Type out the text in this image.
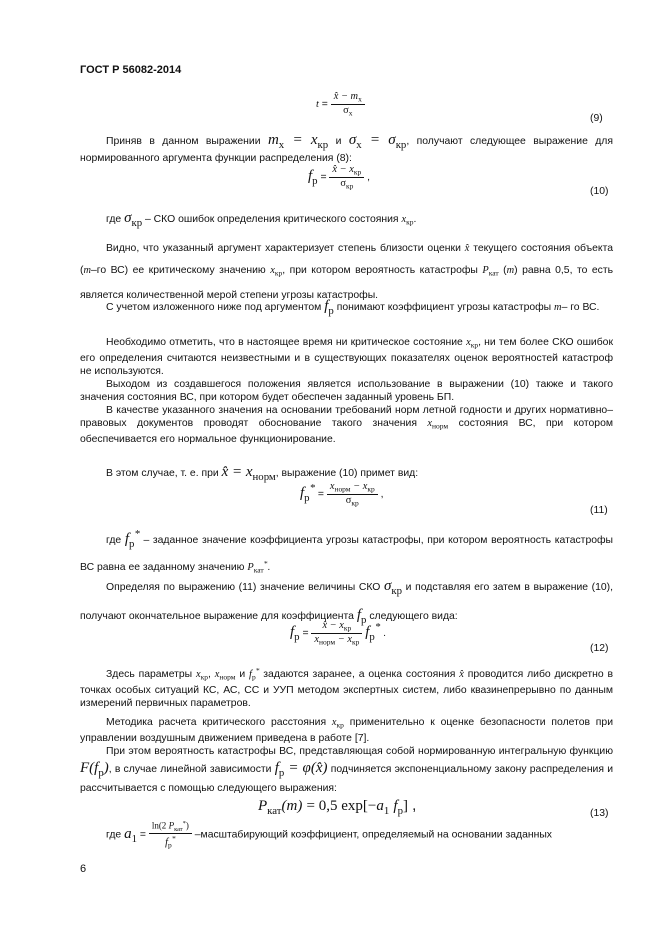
ГОСТ Р 56082-2014
$t = \frac{x̂ - m_x}{\sigma_x}$
(9)

Приняв в данном выражении $m_x = x_{кр}$ и $\sigma_x = \sigma_{кр}$, получают следующее выражение для нормированного аргумента функции распределения (8):

$f_p = \frac{x̂ - x_{кр}}{\sigma_{кр}}$ ,
(10)

где $\sigma_{кр}$ – СКО ошибок определения критического состояния $x_{кр}$.

Видно, что указанный аргумент характеризует степень близости оценки x̂ текущего состояния объекта (m–го ВС) ее критическому значению $x_{кр}$, при котором вероятность катастрофы $P_{кат}$ (m) равна 0,5, то есть является количественной мерой степени угрозы катастрофы.

С учетом изложенного ниже под аргументом $f_p$ понимают коэффициент угрозы катастрофы m– го ВС.

Необходимо отметить, что в настоящее время ни критическое состояние $x_{кр}$, ни тем более СКО ошибок его определения считаются неизвестными и в существующих показателях оценок вероятностей катастроф не используются.

Выходом из создавшегося положения является использование в выражении (10) также и такого значения состояния ВС, при котором будет обеспечен заданный уровень БП.

В качестве указанного значения на основании требований норм летной годности и других нормативно–правовых документов проводят обоснование такого значения $x_{норм}$ состояния ВС, при котором обеспечивается его нормальное функционирование.

В этом случае, т. е. при x̂ = $x_{норм}$, выражение (10) примет вид:

$f_p^* = \frac{x_{норм} - x_{кр}}{\sigma_{кр}}$ ,
(11)

где $f_p^*$ – заданное значение коэффициента угрозы катастрофы, при котором вероятность катастрофы ВС равна ее заданному значению $P_{кат}^*$.

Определяя по выражению (11) значение величины СКО $\sigma_{кр}$ и подставляя его затем в выражение (10), получают окончательное выражение для коэффициента $f_p$ следующего вида:

$f_p = \frac{x̂ - x_{кр}}{x_{норм} - x_{кр}} f_p^*$ .
(12)

Здесь параметры $x_{кр}$, $x_{норм}$ и $f_p^*$ задаются заранее, а оценка состояния x̂ проводится либо дискретно в точках особых ситуаций КС, АС, СС и УУП методом экспертных систем, либо квазинепрерывно по данным измерений первичных параметров.

Методика расчета критического расстояния $x_{кр}$ применительно к оценке безопасности полетов при управлении воздушным движением приведена в работе [7].

При этом вероятность катастрофы ВС, представляющая собой нормированную интегральную функцию $F(f_p)$, в случае линейной зависимости $f_p$ = φ(x̂) подчиняется экспоненциальному закону распределения и рассчитывается с помощью следующего выражения:

$P_{кат}(m) = 0,5$ $\exp[-a_1$ $f_p$] ,	(13)
где $a_1 = \frac{\ln(2 P_{кат}^*)}{f_p^*}$ –масштабирующий коэффициент, определяемый на основании заданных
6
